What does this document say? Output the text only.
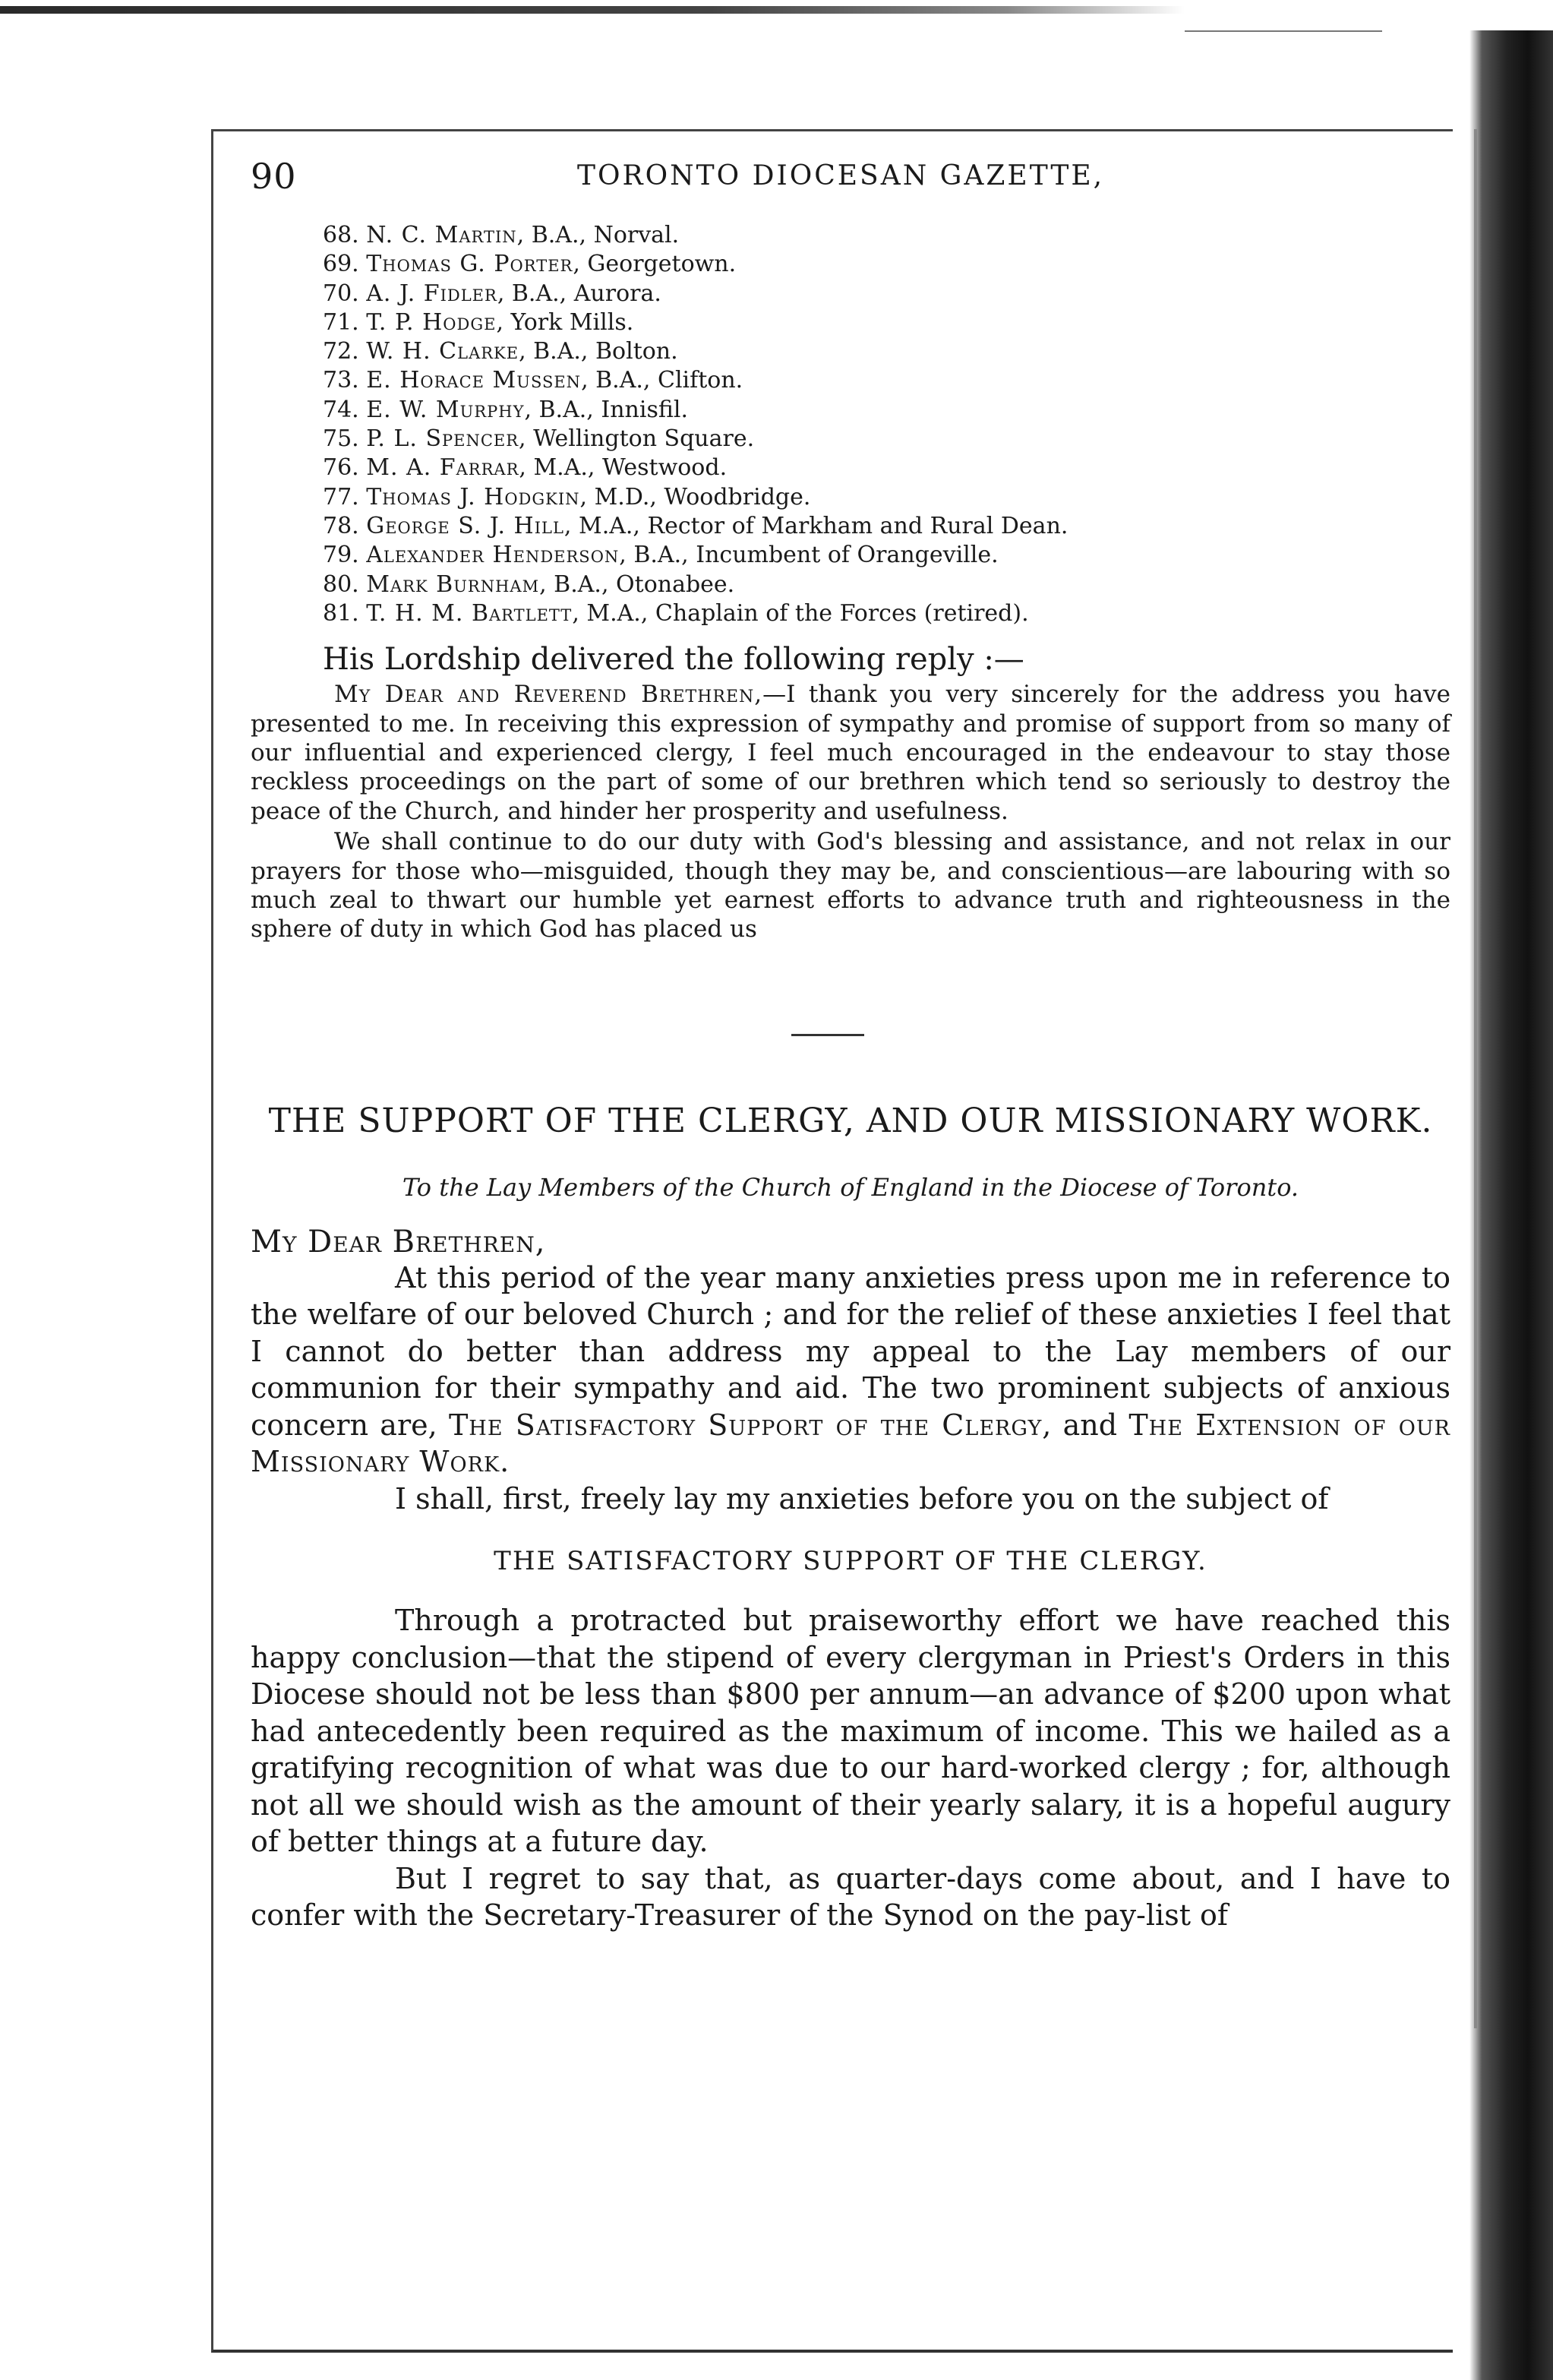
90	TORONTO DIOCESAN GAZETTE,
68. N. C. Martin, B.A., Norval.
69. Thomas G. Porter, Georgetown.
70. A. J. Fidler, B.A., Aurora.
71. T. P. Hodge, York Mills.
72. W. H. Clarke, B.A., Bolton.
73. E. Horace Mussen, B.A., Clifton.
74. E. W. Murphy, B.A., Innisfil.
75. P. L. Spencer, Wellington Square.
76. M. A. Farrar, M.A., Westwood.
77. Thomas J. Hodgkin, M.D., Woodbridge.
78. George S. J. Hill, M.A., Rector of Markham and Rural Dean.
79. Alexander Henderson, B.A., Incumbent of Orangeville.
80. Mark Burnham, B.A., Otonabee.
81. T. H. M. Bartlett, M.A., Chaplain of the Forces (retired).
His Lordship delivered the following reply :—

My Dear and Reverend Brethren,—I thank you very sincerely for the address you have presented to me. In receiving this expression of sympathy and promise of support from so many of our influential and experienced clergy, I feel much encouraged in the endeavour to stay those reckless proceedings on the part of some of our brethren which tend so seriously to destroy the peace of the Church, and hinder her prosperity and usefulness.

We shall continue to do our duty with God's blessing and assistance, and not relax in our prayers for those who—misguided, though they may be, and conscientious—are labouring with so much zeal to thwart our humble yet earnest efforts to advance truth and righteousness in the sphere of duty in which God has placed us

THE SUPPORT OF THE CLERGY, AND OUR MISSIONARY WORK.
To the Lay Members of the Church of England in the Diocese of Toronto.
My Dear Brethren,

At this period of the year many anxieties press upon me in reference to the welfare of our beloved Church ; and for the relief of these anxieties I feel that I cannot do better than address my appeal to the Lay members of our communion for their sympathy and aid. The two prominent subjects of anxious concern are, The Satisfactory Support of the Clergy, and The Extension of our Missionary Work.

I shall, first, freely lay my anxieties before you on the subject of

THE SATISFACTORY SUPPORT OF THE CLERGY.

Through a protracted but praiseworthy effort we have reached this happy conclusion—that the stipend of every clergyman in Priest's Orders in this Diocese should not be less than $800 per annum—an advance of $200 upon what had antecedently been required as the maximum of income. This we hailed as a gratifying recognition of what was due to our hard-worked clergy ; for, although not all we should wish as the amount of their yearly salary, it is a hopeful augury of better things at a future day.

But I regret to say that, as quarter-days come about, and I have to confer with the Secretary-Treasurer of the Synod on the pay-list of
